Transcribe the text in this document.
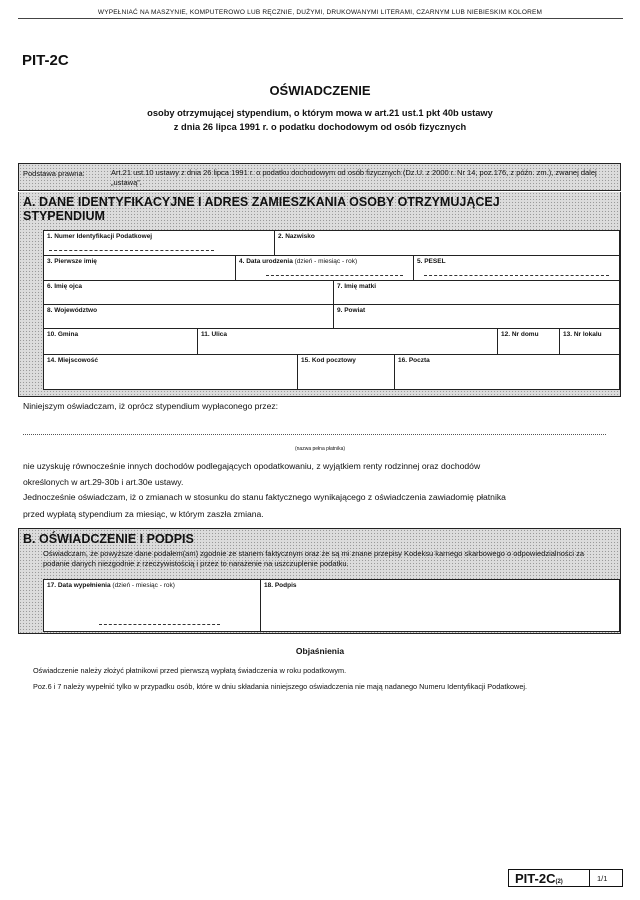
WYPEŁNIAĆ NA MASZYNIE, KOMPUTEROWO LUB RĘCZNIE, DUŻYMI, DRUKOWANYMI LITERAMI, CZARNYM LUB NIEBIESKIM KOLOREM
PIT-2C
OŚWIADCZENIE
osoby otrzymującej stypendium, o którym mowa w art.21 ust.1 pkt 40b ustawy
z dnia 26 lipca 1991 r. o podatku dochodowym od osób fizycznych
Podstawa prawna:	Art.21 ust.10 ustawy z dnia 26 lipca 1991 r. o podatku dochodowym od osób fizycznych (Dz.U. z 2000 r. Nr 14, poz.176, z późn. zm.), zwanej dalej „ustawą”.
A. DANE IDENTYFIKACYJNE I ADRES ZAMIESZKANIA OSOBY OTRZYMUJĄCEJ STYPENDIUM
1. Numer Identyfikacji Podatkowej	2. Nazwisko
3. Pierwsze imię	4. Data urodzenia (dzień - miesiąc - rok)	5. PESEL
6. Imię ojca	7. Imię matki
8. Województwo	9. Powiat
10. Gmina	11. Ulica	12. Nr domu	13. Nr lokalu
14. Miejscowość	15. Kod pocztowy	16. Poczta
Niniejszym oświadczam, iż oprócz stypendium wypłaconego przez:
(nazwa pełna płatnika)
nie uzyskuję równocześnie innych dochodów podlegających opodatkowaniu, z wyjątkiem renty rodzinnej oraz dochodów
określonych w art.29-30b i art.30e ustawy.
Jednocześnie oświadczam, iż o zmianach w stosunku do stanu faktycznego wynikającego z oświadczenia zawiadomię płatnika
przed wypłatą stypendium za miesiąc, w którym zaszła zmiana.
B. OŚWIADCZENIE I PODPIS
Oświadczam, że powyższe dane podałem(am) zgodnie ze stanem faktycznym oraz że są mi znane przepisy Kodeksu karnego skarbowego o odpowiedzialności za podanie danych niezgodnie z rzeczywistością i przez to narażenie na uszczuplenie podatku.
17. Data wypełnienia (dzień - miesiąc - rok)	18. Podpis
Objaśnienia
Oświadczenie należy złożyć płatnikowi przed pierwszą wypłatą świadczenia w roku podatkowym.
Poz.6 i 7 należy wypełnić tylko w przypadku osób, które w dniu składania niniejszego oświadczenia nie mają nadanego Numeru Identyfikacji Podatkowej.
PIT-2C(2)	1/1
